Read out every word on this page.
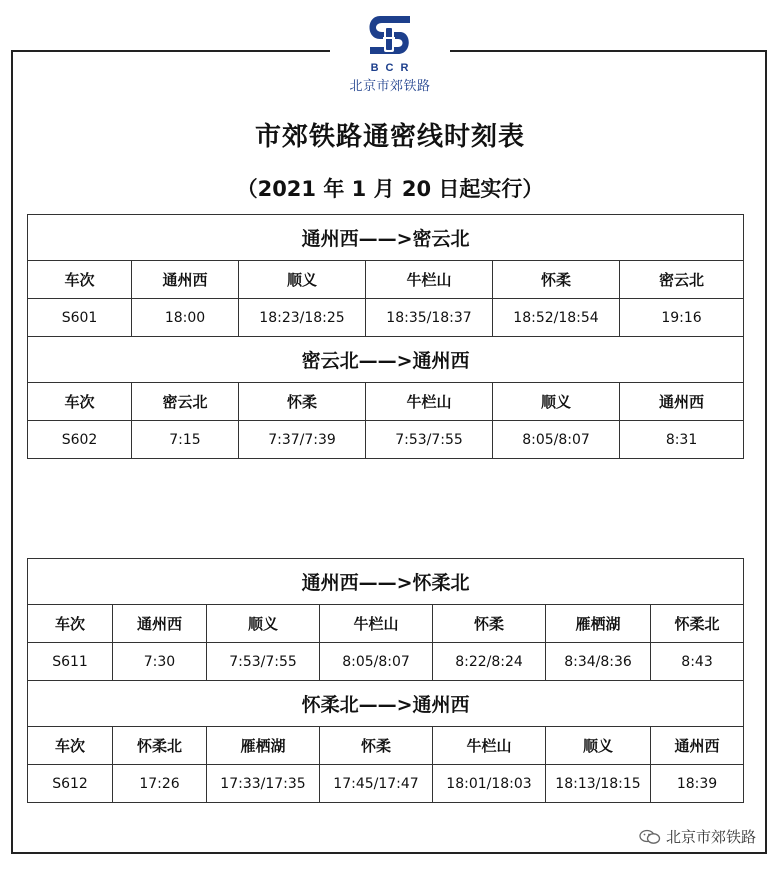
BCR
北京市郊铁路
市郊铁路通密线时刻表
（2021 年 1 月 20 日起实行）
通州西——>密云北					
车次	通州西	顺义	牛栏山	怀柔	密云北
S601	18:00	18:23/18:25	18:35/18:37	18:52/18:54	19:16
密云北——>通州西					
车次	密云北	怀柔	牛栏山	顺义	通州西
S602	7:15	7:37/7:39	7:53/7:55	8:05/8:07	8:31
通州西——>怀柔北						
车次	通州西	顺义	牛栏山	怀柔	雁栖湖	怀柔北
S611	7:30	7:53/7:55	8:05/8:07	8:22/8:24	8:34/8:36	8:43
怀柔北——>通州西						
车次	怀柔北	雁栖湖	怀柔	牛栏山	顺义	通州西
S612	17:26	17:33/17:35	17:45/17:47	18:01/18:03	18:13/18:15	18:39
北京市郊铁路
